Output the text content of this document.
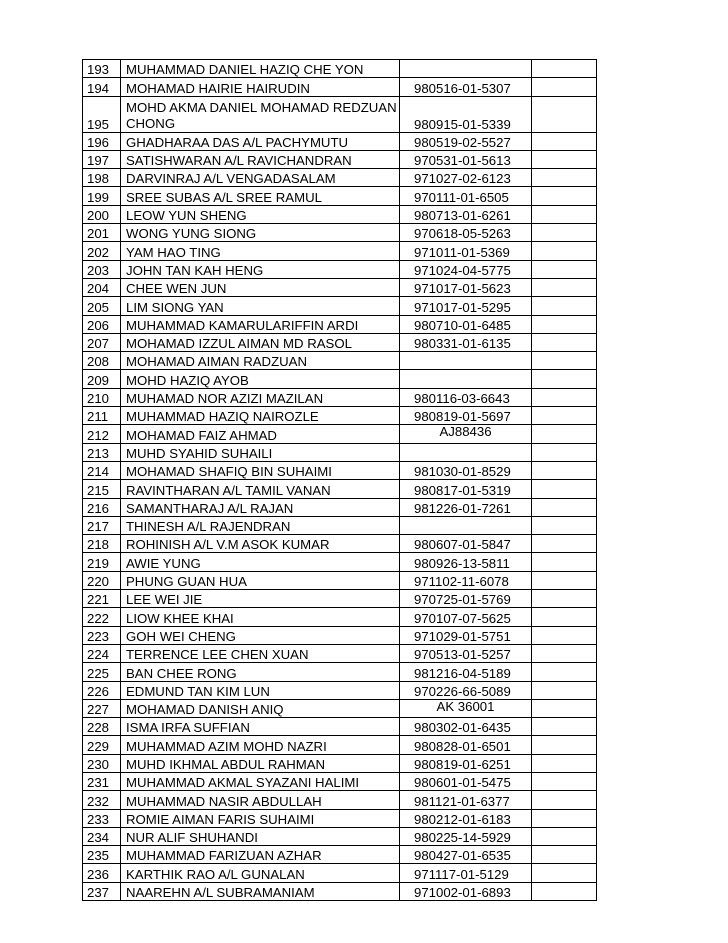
193	MUHAMMAD DANIEL HAZIQ CHE YON		
194	MOHAMAD HAIRIE HAIRUDIN	980516-01-5307	
195	MOHD AKMA DANIEL MOHAMAD REDZUAN CHONG	980915-01-5339	
196	GHADHARAA DAS A/L PACHYMUTU	980519-02-5527	
197	SATISHWARAN A/L RAVICHANDRAN	970531-01-5613	
198	DARVINRAJ A/L VENGADASALAM	971027-02-6123	
199	SREE SUBAS A/L SREE RAMUL	970111-01-6505	
200	LEOW YUN SHENG	980713-01-6261	
201	WONG YUNG SIONG	970618-05-5263	
202	YAM HAO TING	971011-01-5369	
203	JOHN TAN KAH HENG	971024-04-5775	
204	CHEE WEN JUN	971017-01-5623	
205	LIM SIONG YAN	971017-01-5295	
206	MUHAMMAD KAMARULARIFFIN ARDI	980710-01-6485	
207	MOHAMAD IZZUL AIMAN MD RASOL	980331-01-6135	
208	MOHAMAD AIMAN RADZUAN		
209	MOHD HAZIQ AYOB		
210	MUHAMAD NOR AZIZI MAZILAN	980116-03-6643	
211	MUHAMMAD HAZIQ NAIROZLE	980819-01-5697	
212	MOHAMAD FAIZ AHMAD	AJ88436	
213	MUHD SYAHID SUHAILI		
214	MOHAMAD SHAFIQ BIN SUHAIMI	981030-01-8529	
215	RAVINTHARAN A/L TAMIL VANAN	980817-01-5319	
216	SAMANTHARAJ A/L RAJAN	981226-01-7261	
217	THINESH A/L RAJENDRAN		
218	ROHINISH A/L V.M ASOK KUMAR	980607-01-5847	
219	AWIE YUNG	980926-13-5811	
220	PHUNG GUAN HUA	971102-11-6078	
221	LEE WEI JIE	970725-01-5769	
222	LIOW KHEE KHAI	970107-07-5625	
223	GOH WEI CHENG	971029-01-5751	
224	TERRENCE LEE CHEN XUAN	970513-01-5257	
225	BAN CHEE RONG	981216-04-5189	
226	EDMUND TAN KIM LUN	970226-66-5089	
227	MOHAMAD DANISH ANIQ	AK 36001	
228	ISMA IRFA SUFFIAN	980302-01-6435	
229	MUHAMMAD AZIM MOHD NAZRI	980828-01-6501	
230	MUHD IKHMAL ABDUL RAHMAN	980819-01-6251	
231	MUHAMMAD AKMAL SYAZANI HALIMI	980601-01-5475	
232	MUHAMMAD NASIR ABDULLAH	981121-01-6377	
233	ROMIE AIMAN FARIS SUHAIMI	980212-01-6183	
234	NUR ALIF SHUHANDI	980225-14-5929	
235	MUHAMMAD FARIZUAN AZHAR	980427-01-6535	
236	KARTHIK RAO A/L GUNALAN	971117-01-5129	
237	NAAREHN A/L SUBRAMANIAM	971002-01-6893	
